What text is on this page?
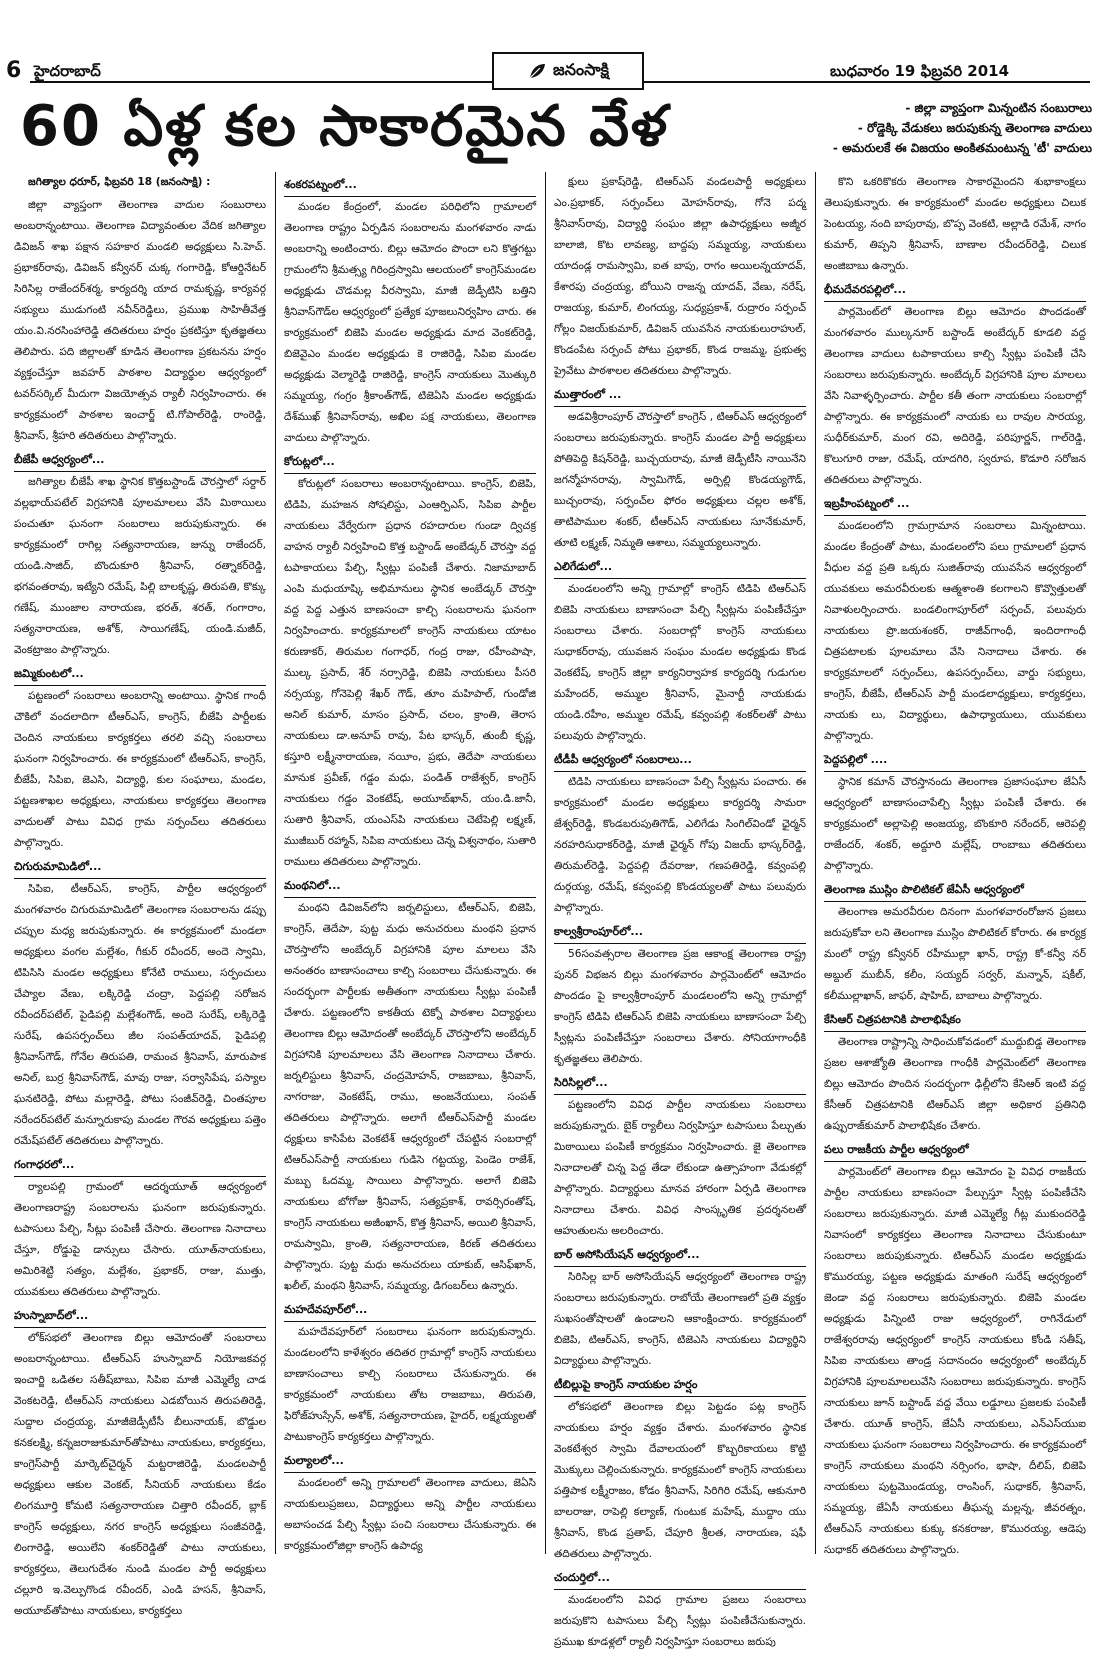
6 హైదరాబాద్	జనంసాక్షి	బుధవారం 19 ఫిబ్రవరి 2014
60 ఏళ్ల కల సాకారమైన వేళ	- జిల్లా వ్యాప్తంగా మిన్నంటిన సంబురాలు
- రోడ్డెక్కి వేడుకలు జరుపుకున్న తెలంగాణ వాదులు
- అమరులకే ఈ విజయం అంకితమంటున్న 'టీ' వాదులు

జగిత్యాల ధరూర్, ఫిబ్రవరి 18 (జనంసాక్షి) :

జిల్లా వ్యాప్తంగా తెలంగాణ వాదుల సంబురాలు అంబరాన్నంటాయి. తెలంగాణ విద్యావంతుల వేదిక జగిత్యాల డివిజన్ శాఖ పక్షాన సహకార మండలి అధ్యక్షులు సి.హెచ్. ప్రభాకర్‌రావు, డివిజన్ కన్వీనర్ చుక్క గంగారెడ్డి, కోఆర్డినేటర్ సిరిసిల్ల రాజేందర్‌శర్మ, కార్యదర్శి యాద రామకృష్ణ, కార్యవర్గ సభ్యులు ముడుగంటి నవీన్‌రెడ్డిలు, ప్రముఖ సాహితీవేత్త యం.వి.నరసింహారెడ్డి తదితరులు హర్షం ప్రకటిస్తూ కృతజ్ఞతలు తెలిపారు. పది జిల్లాలతో కూడిన తెలంగాణ ప్రకటనను హర్షం వ్యక్తంచేస్తూ జవహర్ పాఠశాల విద్యార్థుల ఆధ్వర్యంలో టవర్‌సర్కిల్ మీదుగా విజయోత్సవ ర్యాలీ నిర్వహించారు. ఈ కార్యక్రమంలో పాఠశాల ఇంచార్జ్ టి.గోపాల్‌రెడ్డి, రాంరెడ్డి, శ్రీనివాస్, శ్రీహరి తదితరులు పాల్గొన్నారు.

బీజేపీ ఆధ్వర్యంలో...

జగిత్యాల బీజేపీ శాఖ స్థానిక కొత్తబస్టాండ్ చౌరస్తాలో సర్దార్ వల్లభాయ్‌పటేల్ విగ్రహానికి పూలమాలలు వేసి మిఠాయిలు పంచుతూ ఘనంగా సంబరాలు జరుపుకున్నారు. ఈ కార్యక్రమంలో రాగిల్ల సత్యనారాయణ, జున్ను రాజేందర్, యండి.సాజిద్, బొందుకూరి శ్రీనివాస్, రత్నాకర్‌రెడ్డి, భగవంతరావు, ఇట్యేని రమేష్, పిల్లి బాలకృష్ణ, తిరుపతి, కొక్కు గణేష్, ముంజాల నారాయణ, భరత్, శరత్, గంగారాం, సత్యనారాయణ, అశోక్, సాయిగణేష్, యండి.మజీద్, వెంకట్రాజం పాల్గొన్నారు.

జమ్మికుంటలో...

పట్టణంలో సంబరాలు అంబరాన్ని అంటాయి. స్థానిక గాంధీ చౌకిలో వందలాదిగా టీఆర్ఎస్, కాంగ్రెస్, బీజేపి పార్టీలకు చెందిన నాయకులు కార్యకర్తలు తరలి వచ్చి సంబరాలు ఘనంగా నిర్వహించారు. ఈ కార్యక్రమంలో టీఆర్ఎస్, కాంగ్రెస్, బీజేపీ, సిపిఐ, జెఎసి, విద్యార్థి, కుల సంఘాలు, మండల, పట్టణశాఖల అధ్యక్షులు, నాయకులు కార్యకర్తలు తెలంగాణ వాదులతో పాటు వివిధ గ్రామ సర్పంచ్‌లు తదితరులు పాల్గొన్నారు.

చిగురుమామిడిలో...

సిపిఐ, టీఆర్ఎస్, కాంగ్రెస్, పార్టీల ఆధ్వర్యంలో మంగళవారం చిగురుమామిడిలో తెలంగాణ సంబరాలను డప్పు చప్పుల మధ్య జరుపుకున్నారు. ఈ కార్యక్రమంలో మండలా అధ్యక్షులు వంగల మల్లేశం, గీకుర్ రవీందర్, అందె స్వామి, టిపిసిసి మండల అధ్యక్షులు కోనేటి రాములు, సర్పంచులు చేప్యాల వేణు, లక్కిరెడ్డి చంద్రా, పెద్దపల్లి సరోజన రవీందర్‌పటేల్, పైడిపల్లి మల్లేశంగౌడ్, అందె సురేష్, లక్కిరెడ్డి సురేష్, ఉపసర్పంచ్‌లు జీల సంపత్‌యాదవ్, పైడిపల్లి శ్రీనివాస్‌గౌడ్, గోనేల తిరుపతి, రామంచ శ్రీనివాస్, మారుపాక అనిల్, బుర్ర శ్రీనివాస్‌గౌడ్, మావు రాజు, సర్వాసిపేష, పస్యాల ఘనటిరెడ్డి, పోటు మల్లారెడ్డి, పోటు సంజీవ్‌రెడ్డి, చింతపూల నరేందర్‌పటేల్ మన్నూరుకాపు మండల గౌరవ అధ్యక్షులు పత్తెం రమేష్‌పటేల్ తదితరులు పాల్గొన్నారు.

గంగాధరలో...

ర్యాలపల్లి గ్రామంలో ఆదర్శయూత్ ఆధ్వర్యంలో తెలంగాణరాష్ట్ర సంబరాలను ఘనంగా జరుపుకున్నారు. టపాసులు పేల్చి, సీట్లు పంపిణీ చేసారు. తెలంగాణ నినాదాలు చేస్తూ, రోడ్డుపై డాన్సులు చేసారు. యూత్‌నాయకులు, అమిరిశెట్టి సత్యం, మల్లేశం, ప్రభాకర్, రాజు, ముత్తు, యువకులు తదితరులు పాల్గొన్నారు.

హుస్నాబాద్‌లో...

లోక్‌సభలో తెలంగాణ బిల్లు ఆమోదంతో సంబరాలు అంబరాన్నంటాయి. టీఆర్ఎస్ హుస్నాబాద్ నియోజకవర్గ ఇంచార్జి ఒడితల సతీష్‌బాబు, సిపిఐ మాజీ ఎమ్మెల్యే చాడ వెంకటరెడ్డి, టీఆర్ఎస్ నాయకులు ఎడబోయిన తిరుపతిరెడ్డి, సుద్దాల చంద్రయ్య, మాజీజెడ్పీటీసీ బీలునాయక్, బొడ్డుల కనకలక్ష్మి, కన్నజరాజుకుమార్‌తోపాటు నాయకులు, కార్యకర్తలు, కాంగ్రెస్‌పార్టీ మార్కెట్‌చైర్మన్ మట్టరాజిరెడ్డి, మండలపార్టీ అధ్యక్షులు ఆకుల వెంకట్, సీనియర్ నాయకులు కేడం లింగమూర్తి కోమటి సత్యనారాయణ చిత్తారి రవీందర్, బ్లాక్ కాంగ్రెస్ అధ్యక్షులు, నగర కాంగ్రెస్ అధ్యక్షులు సంజీవరెడ్డి, లింగారెడ్డి, అయిలేని శంకర్‌రెడ్డితో పాటు నాయకులు, కార్యకర్తలు, తెలుగుదేశం నుండి మండల పార్టీ అధ్యక్షులు చల్లూరి ఇ.వెల్పుగొండ రవీందర్, ఎండి హసన్, శ్రీనివాస్, అయూబ్‌తోపాటు నాయకులు, కార్యకర్తలు

శంకరపట్నంలో...

మండల కేంద్రంలో, మండల పరిధిలోని గ్రామాలలో తెలంగాణ రాష్ట్రం ఏర్పడిన సంబరాలను మంగళవారం నాడు అంబరాన్ని అంటించారు. బిల్లు ఆమోదం పొందా లని కొత్తగట్టు గ్రామంలోని శ్రీమత్స్య గిరింద్రస్వామి ఆలయంలో కాంగ్రెస్‌మండల అధ్యక్షుడు చొడమల్ల వీరస్వామి, మాజీ జెడ్పీటిసి బత్తిని శ్రీనివాస్‌గౌడ్‌ల ఆధ్వర్యంలో ప్రత్యేక పూజలునిర్వహిం చారు. ఈ కార్యక్రమంలో బిజెపి మండల అధ్యక్షుడు మాద వెంకట్‌రెడ్డి, బిజెవైఎం మండల అధ్యక్షుడు కె రాజిరెడ్డి, సిపిఐ మండల అధ్యక్షుడు వెల్మారెడ్డి రాజిరెడ్డి, కాంగ్రెస్ నాయకులు మొత్కురి సమ్మయ్య, గంగ్రం శ్రీకాంత్‌గౌడ్, టిజెఏసి మండల అధ్యక్షుడు దేశ్‌ముఖ్ శ్రీనివాస్‌రావు, అఖిల పక్ష నాయకులు, తెలంగాణ వాదులు పాల్గొన్నారు.

కోరుట్లలో...

కోరుట్లలో సంబరాలు అంబరాన్నంటాయి. కాంగ్రెస్, బిజెపి, టిడిపి, మహజన సోషలిస్టు, ఎంఆర్పిఎస్, సిపిఐ పార్టీల నాయకులు వేర్వేరుగా ప్రధాన రహదారుల గుండా ద్విచక్ర వాహన ర్యాలీ నిర్వహించి కొత్త బస్టాండ్ అంబేడ్కర్ చౌరస్తా వద్ద టపాకాయలు పేల్చి, స్వీట్లు పంపిణీ చేశారు. నిజామాబాద్ ఎంపి మధుయాష్కి అభిమానులు స్థానిక అంబేడ్కర్ చౌరస్తా వద్ద పెద్ద ఎత్తున బాణసంచా కాల్చి సంబరాలను ఘనంగా నిర్వహించారు. కార్యక్రమాలలో కాంగ్రెస్ నాయకులు యాటం కరుణాకర్, తిరుమల గంగాధర్, గంద్ర రాజు, రహీంపాషా, ముల్క ప్రసాద్, శేర్ నర్సారెడ్డి, బిజెపి నాయకులు పీసరి నర్సయ్య, గోనెపెల్లి శేఖర్ గౌడ్, తూం మహిపాల్, గుండోజి అనిల్ కుమార్, మాసం ప్రసాద్, చలం, క్రాంతి, తెరాస నాయకులు డా.అనూప్ రావు, పేట భాస్కర్, తుంబీ కృష్ణ, కస్తూరి లక్ష్మీనారాయణ, నయీం, ప్రభు, తెదేపా నాయకులు మానుక ప్రవీణ్, గడ్డం మధు, పండిత్ రాజేశ్వర్, కాంగ్రెస్ నాయకులు గడ్డం వెంకటేష్, అయూబ్‌ఖాన్, యం.డి.జానీ, సుతారి శ్రీనివాస్, యంఎస్‌పి నాయకులు చెటేపెల్లి లక్ష్మణ్, ముజీబుర్ రహ్మాన్, సిపిఐ నాయకులు చెన్న విశ్వనాథం, సుతారి రాములు తదితరులు పాల్గొన్నారు.

మంథనిలో...

మంథని డివిజన్‌లోని జర్నలిస్టులు, టీఆర్ఎస్, బిజెపి, కాంగ్రెస్, తెదేపా, పుట్ట మధు అనుచరులు మంథని ప్రధాన చౌరస్తాలోని అంబేద్కర్ విగ్రహానికి పూల మాలలు వేసి అనంతరం బాణాసంచాలు కాల్చి సంబరాలు చేసుకున్నారు. ఈ సందర్భంగా పార్టీలకు అతీతంగా నాయకులు స్వీట్లు పంపిణీ చేశారు. పట్టణంలోని కాకతీయ టెక్నో పాఠశాల విద్యార్థులు తెలంగాణ బిల్లు ఆమోదంతో అంబేద్కర్ చౌరస్తాలోని అంబేద్కర్ విగ్రహానికి పూలమాలలు వేసి తెలంగాణ నినాదాలు చేశారు. జర్నలిస్టులు శ్రీనివాస్, చంద్రమోహన్, రాజబాబు, శ్రీనివాస్, నాగరాజు, వెంకటేష్, రాము, అంజనేయులు, సంపత్ తదితరులు పాల్గొన్నారు. అలాగే టీఆర్ఎస్‌పార్టీ మండల ధ్యక్షులు కాసిపేట వెంకటేశ్ ఆధ్వర్యంలో చేపట్టిన సంబరాల్లో టిఆర్ఎస్‌పార్టీ నాయకులు గుడిసె గట్టయ్య, పెండెం రాజేశ్, మబ్బు ఓదమ్మ, సాయిలు పాల్గొన్నారు. అలాగే బిజెపి నాయకులు బోగోజు శ్రీనివాస్, సత్యప్రకాశ్, రావర్సిరంతోష్, కాంగ్రెస్ నాయకులు అజీంఖాన్, కొత్త శ్రీనివాస్, అయిలి శ్రీనివాస్, రామస్వామి, క్రాంతి, సత్యనారాయణ, కిరణ్ తదితరులు పాల్గొన్నారు. పుట్ట మధు అనుచరులు యాకుబ్, ఆసిఫ్‌ఖాన్, ఖలీల్, మంథని శ్రీనివాస్, సమ్మయ్య, డిగంబర్‌లు ఉన్నారు.

మహదేవపూర్‌లో...

మహదేవపూర్‌లో సంబరాలు ఘనంగా జరుపుకున్నారు. మండలంలోని కాళేశ్వరం తదితర గ్రామాల్లో కాంగ్రెస్ నాయకులు బాణాసంచాలు కాల్చి సంబరాలు చేసుకున్నారు. ఈ కార్యక్రమంలో నాయకులు తోట రాజబాబు, తిరుపతి, ఫిరోజ్‌హుస్సేన్, అశోక్, సత్యనారాయణ, హైదర్, లక్ష్మయ్యలతో పాటుకాంగ్రెస్ కార్యకర్తలు పాల్గొన్నారు.

మల్యాలలో...

మండలంలో అన్ని గ్రామాలలో తెలంగాణ వాదులు, జెఏసి నాయకులుప్రజలు, విద్యార్థులు అన్ని పార్టీల నాయకులు అబాసంచడ పేల్చి స్వీట్లు పంచి సంబరాలు చేసుకున్నారు. ఈ కార్యక్రమంలోజిల్లా కాంగ్రెస్ ఉపాధ్య

క్షులు ప్రకాష్‌రెడ్డి, టిఆర్ఎస్ వండలపార్టీ అధ్యక్షులు ఎం.ప్రభాకర్, సర్పంచ్‌లు మోహన్‌రావు, గోనె పద్మ శ్రీనివాస్‌రావు, విద్యార్థి సంఘం జిల్లా ఉపాధ్యక్షులు అజ్మీర బాలాజి, కొట లావణ్య, బాద్దపు సమ్మయ్య, నాయకులు యాదండ్ల రామస్వామి, ఐత బాపు, రాగం అయిలన్నయాదవ్, కేశారపు చంద్రయ్య, బోయిని రాజన్న యాదవ్, వేణు, నరేష్, రాజయ్య, కుమార్, లింగయ్య, సుధ్యప్రకాశ్, రుద్రారం సర్పంచ్ గోల్లం విజయ్‌కుమార్, డివిజన్ యువసేన నాయకులురాహుల్, కొండంపేట సర్పంచ్ పోటు ప్రభాకర్, కొండ రాజమ్మ, ప్రభుత్వ ప్రైవేటు పాఠశాలల తదితరులు పాల్గొన్నారు.

ముత్తారంలో ...

అడవిశ్రీరాంపూర్ చౌరస్తాలో కాంగ్రెస్ , టిఆర్ఎస్ ఆధ్వర్యంలో సంబరాలు జరుపుకున్నారు. కాంగ్రెస్ మండల పార్టీ అధ్యక్షులు పోతిపెద్ది కిషన్‌రెడ్డి, బుచ్చయరావు, మాజీ జెడ్పీటీసి నాయినేని జగన్మోహనరావు, స్వామిగౌడ్, అర్పిల్లి కొండయ్యగౌడ్, బుచ్చంరావు, సర్పంచ్‌ల ఫోరం అధ్యక్షులు చల్లల అశోక్, తాటిపాముల శంకర్, టీఆర్ఎస్ నాయకులు సూనేకుమార్, తూటి లక్ష్మణ్, నిమ్మతి ఆశాలు, సమ్మయ్యలున్నారు.

ఎలిగేడులో...

మండలంలోని అన్ని గ్రామాల్లో కాంగ్రెస్ టిడిపి టిఆర్ఎస్ బిజెపి నాయకులు బాణాసంచా పేల్చి స్వీట్లను పంపిణీచేస్తూ సంబరాలు చేశారు. సంబరాల్లో కాంగ్రెస్ నాయకులు సుధాకర్‌రావు, యువజన సంఘం మండల అధ్యక్షుడు కొండ వెంకటేష్, కాంగ్రెస్ జిల్లా కార్యనిర్వాహక కార్యదర్శి గుడుగుల మహేందర్, అమ్ముల శ్రీనివాస్, మైనార్టీ నాయకుడు యండి.రహీం, అమ్ముల రమేష్, కవ్వంపల్లి శంకర్‌లతో పాటు పలువురు పాల్గొన్నారు.

టీడీపీ ఆధ్వర్యంలో సంబరాలు...

టిడిపి నాయకులు బాణసంచా పేల్చి స్వీట్లను పంచారు. ఈ కార్యక్రమంలో మండల అధ్యక్షులు కార్యదర్శి సామరా జేశ్వర్‌రెడ్డి, కొండబరుపుతిగౌడ్, ఎలిగేడు సింగిల్‌విండో ఛైర్మన్ నరహరిసుధాకర్‌రెడ్డి, మాజీ ఛైర్మన్ గోపు విజయ్ భాస్కర్‌రెడ్డి, తిరుమల్‌రెడ్డి, పెద్దపల్లి దేవరాజు, గణపతిరెడ్డి, కవ్వంపల్లి దుర్గయ్య, రమేష్, కవ్వంపల్లి కొండయ్యలతో పాటు పలువురు పాల్గొన్నారు.

కాల్వశ్రీరాంపూర్‌లో...

56సంవత్సరాల తెలంగాణ ప్రజ ఆకాంక్ష తెలంగాణ రాష్ట్ర పునర్ విభజన బిల్లు మంగళవారం పార్లమెంట్‌లో ఆమోదం పొందడం పై కాల్వశ్రీరాంపూర్ మండలంలోని అన్ని గ్రామాల్లో కాంగ్రెస్ టిడిపి టిఆర్ఎస్ బిజెపి నాయకులు బాణాసంచా పేల్చి స్వీట్లను పంపిణీచేస్తూ సంబరాలు చేశారు. సోనియాగాంధీకి కృతజ్ఞతలు తెలిపారు.

సిరిసిల్లలో...

పట్టణంలోని వివిధ పార్టీల నాయకులు సంబరాలు జరుపుకున్నారు. బైక్ ర్యాలీలు నిర్వహిస్తూ టపాసులు పేల్చుతు మిఠాయిలు పంపిణీ కార్యక్రమం నిర్వహించారు. జై తెలంగాణ నినాదాలతో చిన్న పెద్ద తేడా లేకుండా ఉత్సాహంగా వేడుకల్లో పాల్గొన్నారు. విద్యార్థులు మానవ హారంగా ఏర్పడి తెలంగాణ నినాదాలు చేశారు. వివిధ సాంస్కృతిక ప్రదర్శనలతో ఆహుతులను అలరించారు.

బార్ అసోసియేషన్ ఆధ్వర్యంలో...

సిరిసిల్ల బార్ అసోసియేషన్ ఆధ్వర్యంలో తెలంగాణ రాష్ట్ర సంబరాలు జరుపుకున్నారు. రాబోయే తెలంగాణలో ప్రతి వ్యక్తం సుఖసంతోషాలతో ఉండాలని ఆకాంక్షించారు. కార్యక్రమంలో బిజెపి, టిఆర్ఎస్, కాంగ్రెస్, టిజెఎసి నాయకులు విద్యార్థిని విద్యార్థులు పాల్గొన్నారు.

టీబిల్లుపై కాంగ్రెస్ నాయకుల హర్షం

లోకసభలో తెలంగాణ బిల్లు పెట్టడం పట్ల కాంగ్రెస్ నాయకులు హర్షం వ్యక్తం చేశారు. మంగళవారం స్థానిక వెంకటేశ్వర స్వామి దేవాలయంలో కొబ్బరికాయలు కొట్టి మొక్కులు చెల్లించుకున్నారు. కార్యక్రమంలో కాంగ్రెస్ నాయకులు పత్తిపాక లక్ష్మీరాజం, కోడం శ్రీనివాస్, సిరిగిరి రమేష్, ఆకునూరి బాలరాజు, రాపెల్లి కల్యాణ్, గుంటుక మహేష్, ముద్దాం యు శ్రీనివాస్, కొండ ప్రతాప్, చేపూరి శ్రీలత, నారాయణ, షఫీ తదితరులు పాల్గొన్నారు.

చందుర్తిలో...

మండలంలోని వివిధ గ్రామాల ప్రజలు సంబరాలు జరుపుకొని టపాసులు పేల్చి స్వీట్లు పంపిణీచేసుకున్నారు. ప్రముఖ కూడళ్లలో ర్యాలీ నిర్వహిస్తూ సంబరాలు జరుపు

కొని ఒకరికొకరు తెలంగాణ సాకారమైందని శుభాకాంక్షలు తెలుపుకున్నారు. ఈ కార్యక్రమంలో మండల అధ్యక్షులు చిలుక పెంటయ్య, నంది బాపురావు, బొప్ప వెంకటి, అల్లాడి రమేశ్, నాగం కుమార్, తిప్పని శ్రీనివాస్, బాణాల రవీందర్‌రెడ్డి, చిలుక అంజిబాబు ఉన్నారు.

భీమదేవరపల్లిలో...

పార్లమెంట్‌లో తెలంగాణ బిల్లు ఆమోదం పొందడంతో మంగళవారం ముల్కనూర్ బస్టాండ్ అంబేద్కర్ కూడలి వద్ద తెలంగాణ వాదులు టపాకాయలు కాల్చి స్వీట్లు పంపిణీ చేసి సంబరాలు జరుపుకున్నారు. అంబేద్కర్ విగ్రహానికి పూల మాలలు వేసి నివాళ్ళర్పించారు. పార్టీల కతీ తంగా నాయకులు సంబరాల్లో పాల్గొన్నారు. ఈ కార్యక్రమంలో నాయకు లు రావుల సారయ్య, సుధీర్‌కుమార్, మంగ రవి, అదిరెడ్డి, పరిపూర్ణన్, గాల్‌రెడ్డి, కొలుగూరి రాజు, రమేష్, యాదగిరి, స్వరూప, కొడూరి సరోజన తదితరులు పాల్గొన్నారు.

ఇబ్రహీంపట్నంలో ...

మండలంలోని గ్రామగ్రామాన సంబరాలు మిన్నంటాయి. మండల కేంద్రంతో పాటు, మండలంలోని పలు గ్రామాలలో ప్రధాన వీధుల వద్ద ప్రతి ఒక్కరు సుజిత్‌రావు యువసేన ఆధ్వర్యంలో యువకులు అమరవీరులకు ఆత్మశాంతి కలగాలని కొవ్వొత్తులతో నివాళులర్పించారు. బండలింగాపూర్‌లో సర్పంచ్, పలువురు నాయకులు ప్రొ.జయశంకర్, రాజీవ్‌గాంధీ, ఇందిరాగాంధీ చిత్రపటాలకు పూలమాలు వేసి నినాదాలు చేశారు. ఈ కార్యక్రమాలలో సర్పంచ్‌లు, ఉపసర్పంచ్‌లు, వార్డు సభ్యులు, కాంగ్రెస్, బీజేపీ, టీఆర్ఎస్ పార్టీ మండలాధ్యక్షులు, కార్యకర్తలు, నాయకు లు, విద్యార్థులు, ఉపాధ్యాయులు, యువకులు పాల్గొన్నారు.

పెద్దపల్లిలో ....

స్థానిక కమాన్ చౌరస్తానందు తెలంగాణ ప్రజాసంఘాల జేఏసీ ఆధ్వర్యంలో బాణాసంచాపేల్చి స్వీట్లు పంపిణీ చేశారు. ఈ కార్యక్రమంలో అల్లాపెల్లి అంజయ్య, బొంకూరి నరేందర్, ఆరెపల్లి రాజేందర్, శంకర్, అద్దూరి మల్లేష్, రాంబాబు తదితరులు పాల్గొన్నారు.

తెలంగాణ ముస్లిం పొలిటికల్ జేఏసీ ఆధ్వర్యంలో

తెలంగాణ అమరవీరుల దినంగా మంగళవారంరోజున ప్రజలు జరుపుకోవా లని తెలంగాణ ముస్లిం పొలిటికల్ కోరారు. ఈ కార్యక్ర మంలో రాష్ట్ర కన్వీనర్ రహీముల్లా ఖాన్, రాష్ట్ర కో-కన్వీ నర్ అబ్దుల్ ముబీన్, కలీం, సయ్యద్ సర్వర్, మన్నాన్, షకీల్, కలీముల్లాఖాన్, జాఫర్, షాహిద్, బాబాలు పాల్గొన్నారు.

కేసిఆర్ చిత్రపటానికి పాలాభిషేకం

తెలంగాణ రాష్ట్రాన్ని సాధించుకోవడంలో ముద్దుబిడ్డ తెలంగాణ ప్రజల ఆశాజ్యోతి తెలంగాణ గాంధీకి పార్లమెంట్‌లో తెలంగాణ బిల్లు ఆమోదం పొందిన సందర్భంగా ఢిల్లీలోని కేసిఆర్ ఇంటి వద్ద కేసీఆర్ చిత్రపటానికి టిఆర్ఎస్ జిల్లా అధికార ప్రతినిధి ఉప్పురాజ్‌కుమార్ పాలాభిషేకం చేశారు.

పలు రాజకీయ పార్టీల ఆధ్వర్యంలో

పార్లమెంట్‌లో తెలంగాణ బిల్లు ఆమోదం పై వివిధ రాజకీయ పార్టీల నాయకులు బాణసంచా పేల్చుస్తూ స్వీట్ల పంపిణీచేసి సంబరాలు జరుపుకున్నారు. మాజీ ఎమ్మెల్యే గీట్ల ముకుందరెడ్డి నివాసంలో కార్యకర్తలు తెలంగాణ నినాదాలు చేసుకుంటూ సంబరాలు జరుపుకున్నారు. టిఆర్ఎస్ మండల అధ్యక్షుడు కొమురయ్య, పట్టణ అధ్యక్షుడు మాతంగి సురేష్ ఆధ్వర్యంలో జెండా వద్ద సంబరాలు జరుపుకున్నారు. బిజెపి మండల అధ్యక్షుడు పిన్నింటి రాజు ఆధ్వర్యంలో, రాగినేడులో రాజేశ్వరరావు ఆధ్వర్యంలో కాంగ్రెస్ నాయకులు కోండి సతీష్, సిపిఐ నాయకులు తాండ్ర సదానందం ఆధ్వర్యంలో అంబేద్కర్ విగ్రహానికి పూలమాలలువేసి సంబరాలు జరుపుకున్నారు. కాంగ్రెస్ నాయకులు జూన్ బస్టాండ్ వద్ద వేయి లడ్డూలు ప్రజలకు పంపిణీ చేశారు. యూత్ కాంగ్రెస్, జేఏసీ నాయకులు, ఎన్ఎస్‌యుఐ నాయకులు ఘనంగా సంబరాలు నిర్వహించారు. ఈ కార్యక్రమంలో కాంగ్రెస్ నాయకులు మంథని నర్సింగం, భాషా, దీలిప్, బిజెపి నాయకులు పుట్టమొండయ్య, రాంసింగ్, సుధాకర్, శ్రీనివాస్, సమ్మయ్య, జేఏసీ నాయకులు తీఘన్న మల్లన్న, జీవరత్నం, టీఆర్ఎస్ నాయకులు కుక్కు కనకరాజు, కొమురయ్య, ఆడెపు సుధాకర్ తదితరులు పాల్గొన్నారు.
